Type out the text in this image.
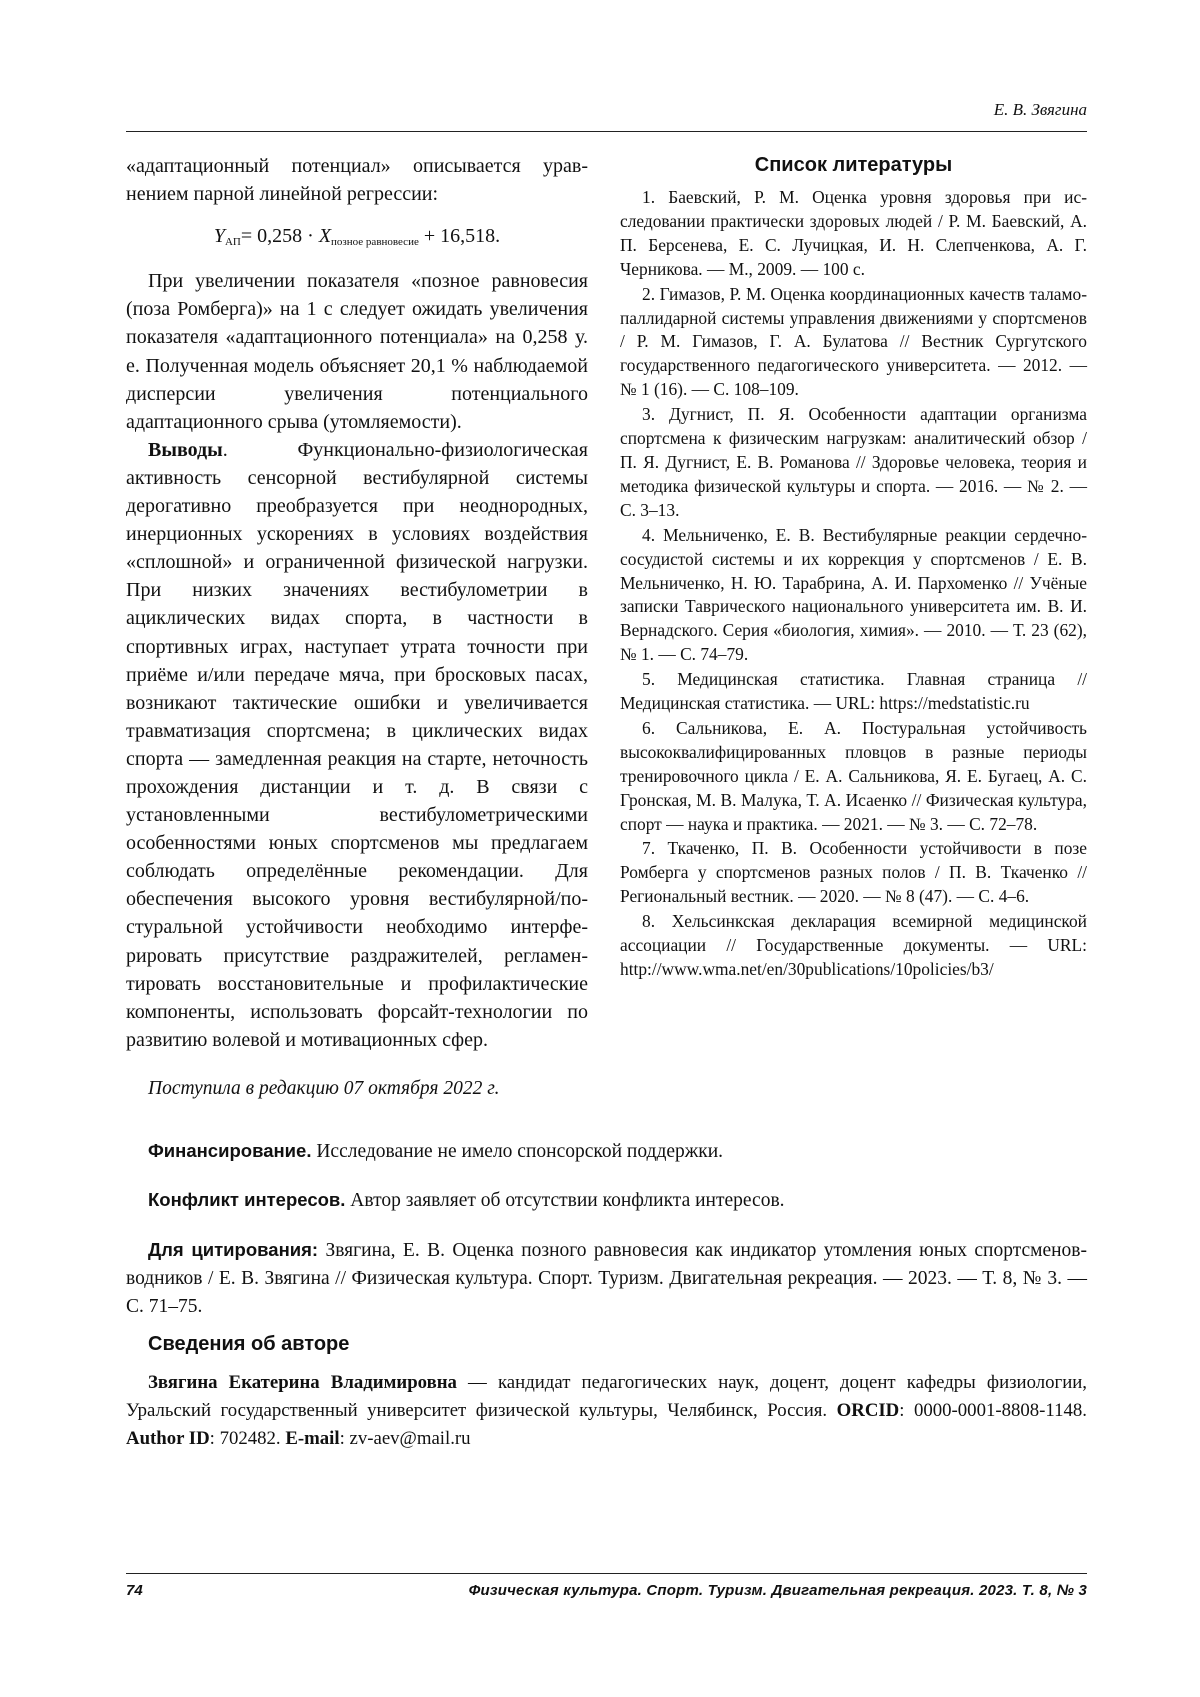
Е. В. Звягина

«адаптационный потенциал» описывается уравнением парной линейной регрессии:

$Y_{АП}= 0,258 \cdot X_{позное равновесие} + 16,518$.

При увеличении показателя «позное равновесия (поза Ромберга)» на 1 с следует ожидать увеличения показателя «адаптационного потенциала» на 0,258 у. е. Полученная модель объясняет 20,1 % наблюдаемой дисперсии увеличения потенциального адаптационного срыва (утомляемости).

Выводы. Функционально-физиологическая активность сенсорной вестибулярной системы дерогативно преобразуется при неоднородных, инерционных ускорениях в условиях воздействия «сплошной» и ограниченной физической нагрузки. При низких значениях вестибулометрии в ациклических видах спорта, в частности в спортивных играх, наступает утрата точности при приёме и/или передаче мяча, при бросковых пасах, возникают тактические ошибки и увеличивается травматизация спортсмена; в циклических видах спорта — замедленная реакция на старте, неточность прохождения дистанции и т. д. В связи с установленными вестибулометрическими особенностями юных спортсменов мы предлагаем соблюдать определённые рекомендации. Для обеспечения высокого уровня вестибулярной/постуральной устойчивости необходимо интерферировать присутствие раздражителей, регламентировать восстановительные и профилактические компоненты, использовать форсайт-технологии по развитию волевой и мотивационных сфер.

Список литературы

1. Баевский, Р. М. Оценка уровня здоровья при исследовании практически здоровых людей / Р. М. Баевский, А. П. Берсенева, Е. С. Лучицкая, И. Н. Слепченкова, А. Г. Черникова. — М., 2009. — 100 с.

2. Гимазов, Р. М. Оценка координационных качеств таламо-паллидарной системы управления движениями у спортсменов / Р. М. Гимазов, Г. А. Булатова // Вестник Сургутского государственного педагогического университета. — 2012. — № 1 (16). — С. 108–109.

3. Дугнист, П. Я. Особенности адаптации организма спортсмена к физическим нагрузкам: аналитический обзор / П. Я. Дугнист, Е. В. Романова // Здоровье человека, теория и методика физической культуры и спорта. — 2016. — № 2. — С. 3–13.

4. Мельниченко, Е. В. Вестибулярные реакции сердечно-сосудистой системы и их коррекция у спортсменов / Е. В. Мельниченко, Н. Ю. Тарабрина, А. И. Пархоменко // Учёные записки Таврического национального университета им. В. И. Вернадского. Серия «биология, химия». — 2010. — Т. 23 (62), № 1. — С. 74–79.

5. Медицинская статистика. Главная страница // Медицинская статистика. — URL: https://medstatistic.ru

6. Сальникова, Е. А. Постуральная устойчивость высококвалифицированных пловцов в разные периоды тренировочного цикла / Е. А. Сальникова, Я. Е. Бугаец, А. С. Гронская, М. В. Малука, Т. А. Исаенко // Физическая культура, спорт — наука и практика. — 2021. — № 3. — С. 72–78.

7. Ткаченко, П. В. Особенности устойчивости в позе Ромберга у спортсменов разных полов / П. В. Ткаченко // Региональный вестник. — 2020. — № 8 (47). — С. 4–6.

8. Хельсинкская декларация всемирной медицинской ассоциации // Государственные документы. — URL: http://www.wma.net/en/30publications/10policies/b3/

Поступила в редакцию 07 октября 2022 г.
Финансирование. Исследование не имело спонсорской поддержки.
Конфликт интересов. Автор заявляет об отсутствии конфликта интересов.
Для цитирования: Звягина, Е. В. Оценка позного равновесия как индикатор утомления юных спортсменов-водников / Е. В. Звягина // Физическая культура. Спорт. Туризм. Двигательная рекреация. — 2023. — Т. 8, № 3. — С. 71–75.
Сведения об авторе
Звягина Екатерина Владимировна — кандидат педагогических наук, доцент, доцент кафедры физиологии, Уральский государственный университет физической культуры, Челябинск, Россия. ORCID: 0000-0001-8808-1148. Author ID: 702482. E-mail: zv-aev@mail.ru
74	Физическая культура. Спорт. Туризм. Двигательная рекреация. 2023. Т. 8, № 3
